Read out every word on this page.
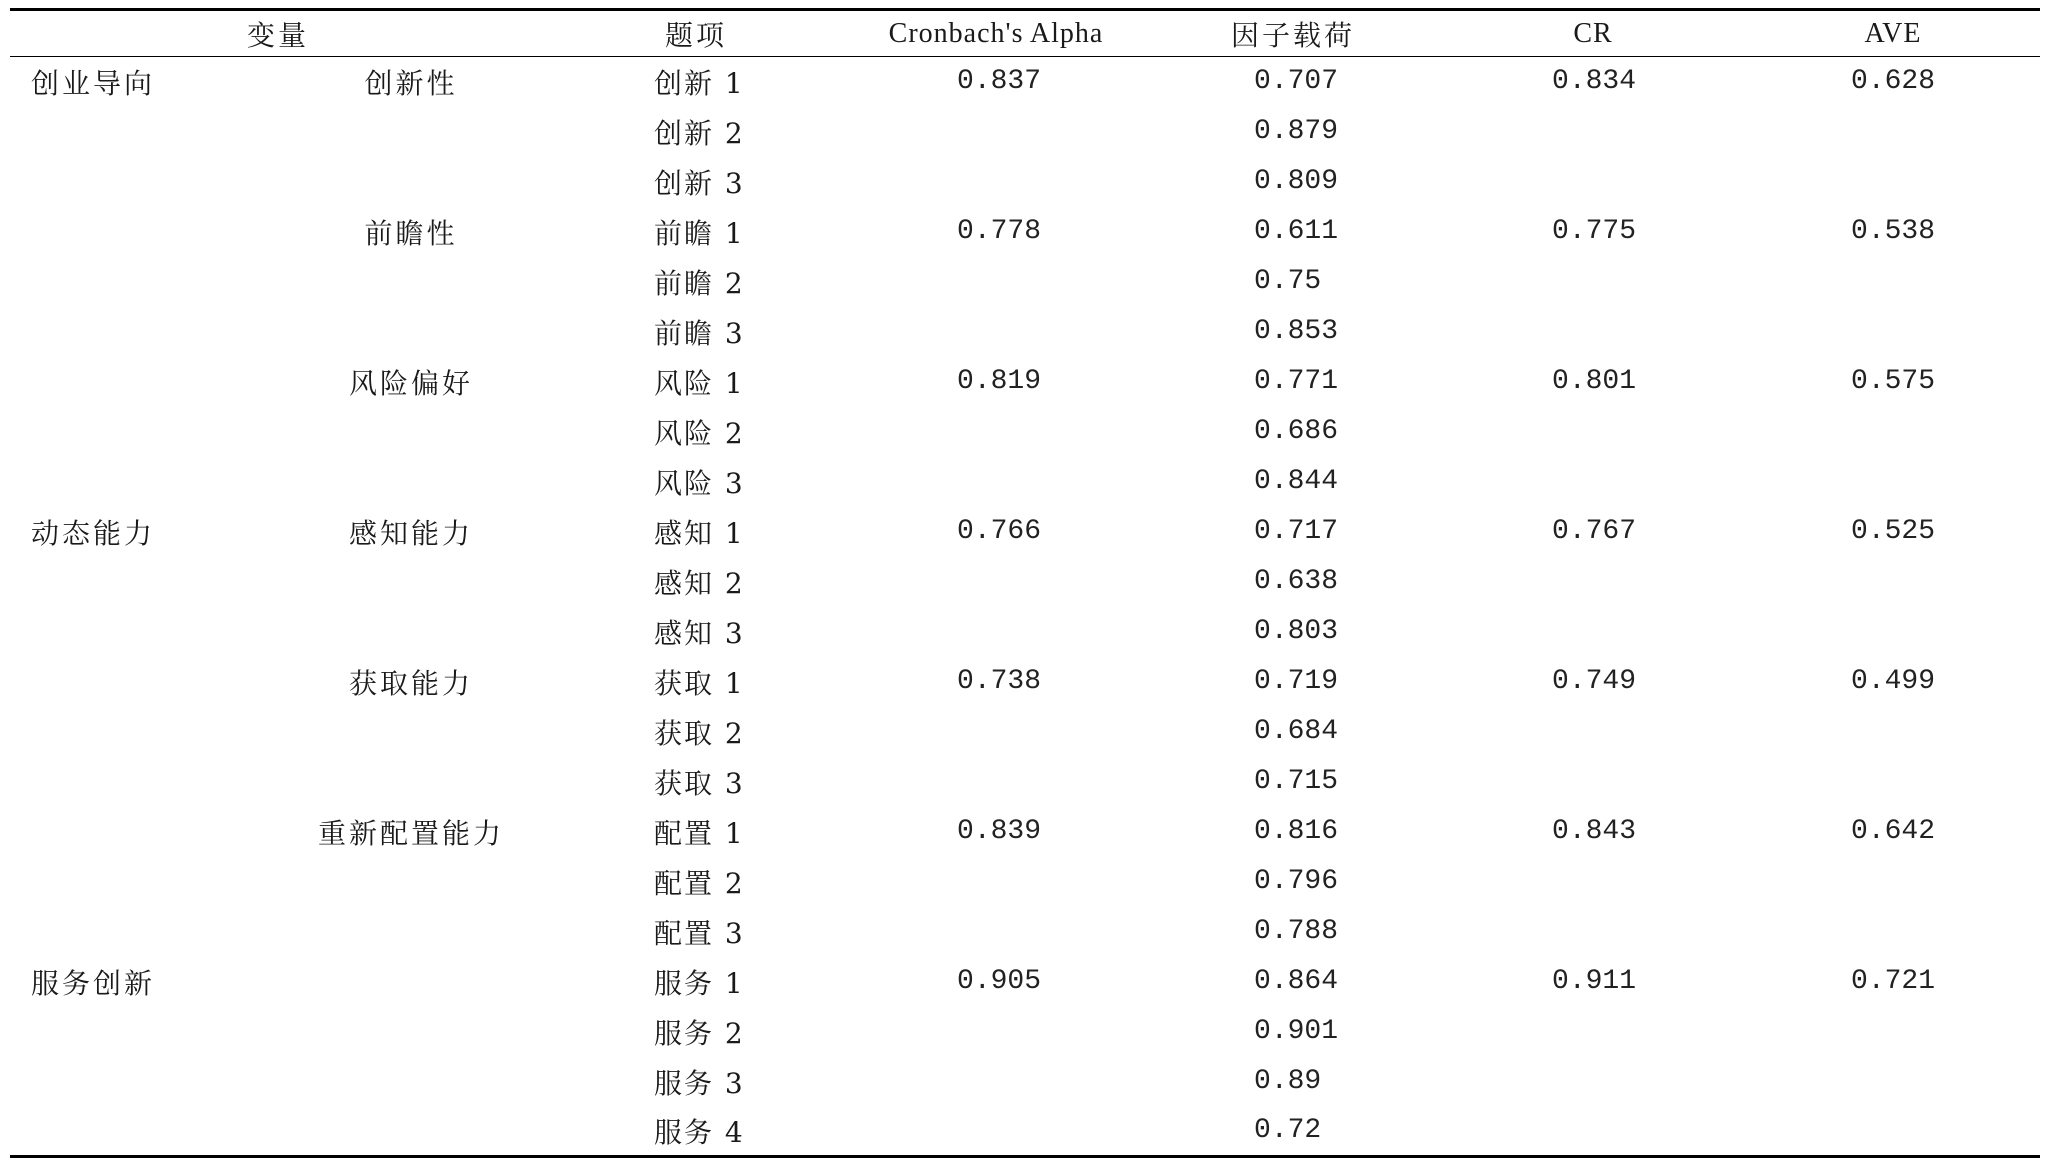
变量		题项	Cronbach's Alpha	因子载荷	CR	AVE
创业导向	创新性	创新 1	0.837	0.707	0.834	0.628
		创新 2		0.879		
		创新 3		0.809		
	前瞻性	前瞻 1	0.778	0.611	0.775	0.538
		前瞻 2		0.75		
		前瞻 3		0.853		
	风险偏好	风险 1	0.819	0.771	0.801	0.575
		风险 2		0.686		
		风险 3		0.844		
动态能力	感知能力	感知 1	0.766	0.717	0.767	0.525
		感知 2		0.638		
		感知 3		0.803		
	获取能力	获取 1	0.738	0.719	0.749	0.499
		获取 2		0.684		
		获取 3		0.715		
	重新配置能力	配置 1	0.839	0.816	0.843	0.642
		配置 2		0.796		
		配置 3		0.788		
服务创新		服务 1	0.905	0.864	0.911	0.721
		服务 2		0.901		
		服务 3		0.89		
		服务 4		0.72		
